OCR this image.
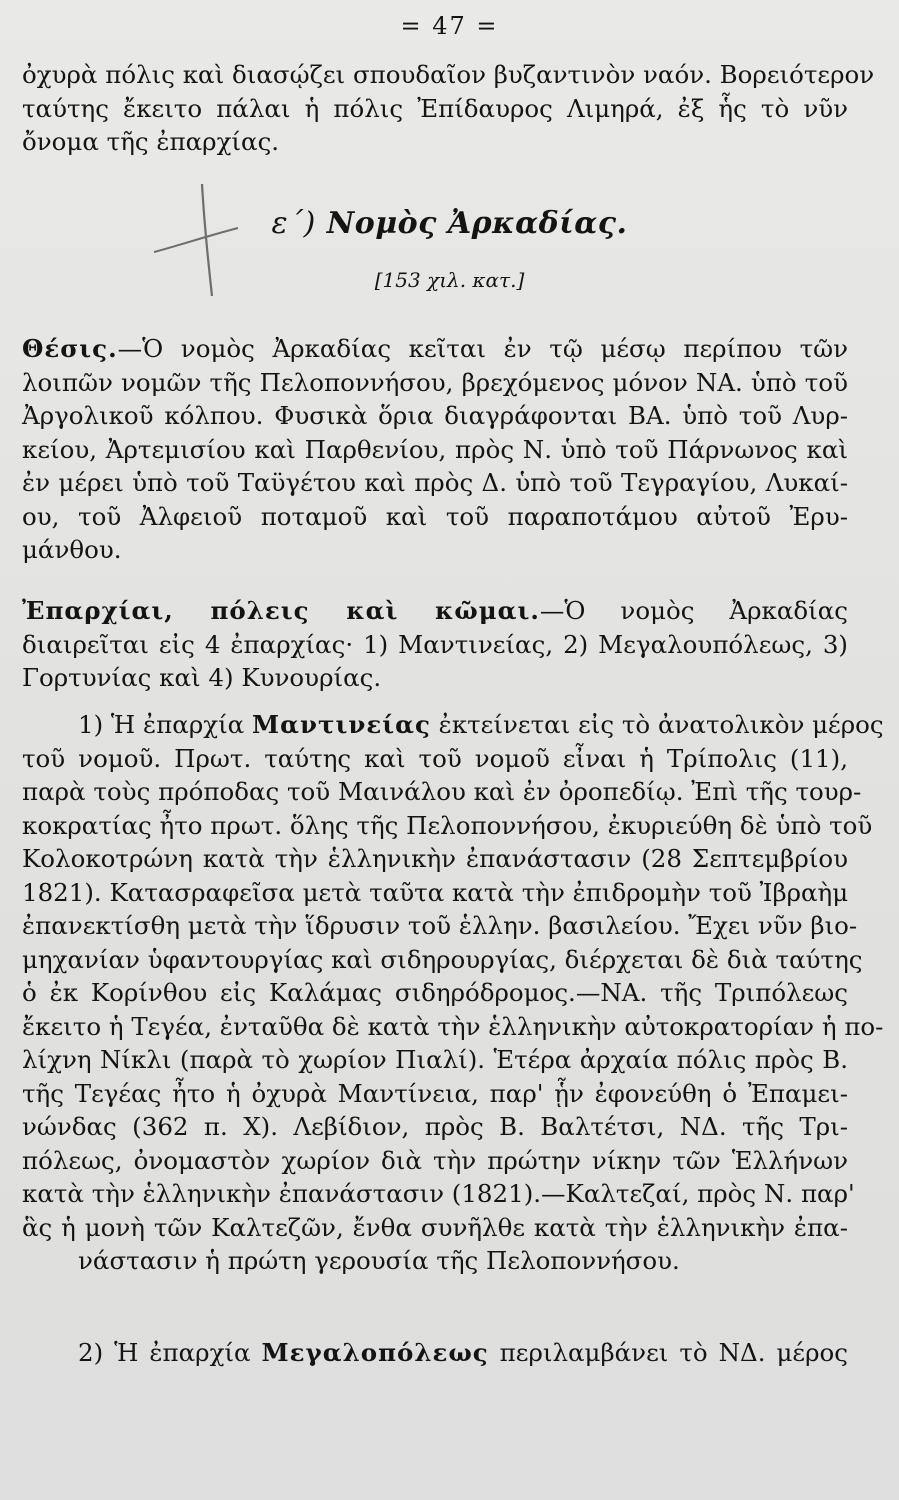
= 47 =
ὀχυρὰ πόλις καὶ διασῴζει σπουδαῖον βυζαντινὸν ναόν. Βορειότερον
ταύτης ἔκειτο πάλαι ἡ πόλις Ἐπίδαυρος Λιμηρά, ἐξ ἧς τὸ νῦν
ὄνομα τῆς ἐπαρχίας.
ε΄) Νομὸς Ἀρκαδίας.
[153 χιλ. κατ.]
Θέσις.—Ὁ νομὸς Ἀρκαδίας κεῖται ἐν τῷ μέσῳ περίπου τῶν
λοιπῶν νομῶν τῆς Πελοποννήσου, βρεχόμενος μόνον ΝΑ. ὑπὸ τοῦ
Ἀργολικοῦ κόλπου. Φυσικὰ ὅρια διαγράφονται ΒΑ. ὑπὸ τοῦ Λυρ-
κείου, Ἀρτεμισίου καὶ Παρθενίου, πρὸς Ν. ὑπὸ τοῦ Πάρνωνος καὶ
ἐν μέρει ὑπὸ τοῦ Ταϋγέτου καὶ πρὸς Δ. ὑπὸ τοῦ Τεγραγίου, Λυκαί-
ου, τοῦ Ἀλφειοῦ ποταμοῦ καὶ τοῦ παραποτάμου αὐτοῦ Ἐρυ-
μάνθου.
Ἐπαρχίαι, πόλεις καὶ κῶμαι.—Ὁ νομὸς Ἀρκαδίας
διαιρεῖται εἰς 4 ἐπαρχίας· 1) Μαντινείας, 2) Μεγαλουπόλεως, 3)
Γορτυνίας καὶ 4) Κυνουρίας.
1) Ἡ ἐπαρχία Μαντινείας ἐκτείνεται εἰς τὸ ἀνατολικὸν μέρος
τοῦ νομοῦ. Πρωτ. ταύτης καὶ τοῦ νομοῦ εἶναι ἡ Τρίπολις (11),
παρὰ τοὺς πρόποδας τοῦ Μαινάλου καὶ ἐν ὀροπεδίῳ. Ἐπὶ τῆς τουρ-
κοκρατίας ἦτο πρωτ. ὅλης τῆς Πελοποννήσου, ἐκυριεύθη δὲ ὑπὸ τοῦ
Κολοκοτρώνη κατὰ τὴν ἑλληνικὴν ἐπανάστασιν (28 Σεπτεμβρίου
1821). Κατασραφεῖσα μετὰ ταῦτα κατὰ τὴν ἐπιδρομὴν τοῦ Ἰβραὴμ
ἐπανεκτίσθη μετὰ τὴν ἵδρυσιν τοῦ ἑλλην. βασιλείου. Ἔχει νῦν βιο-
μηχανίαν ὑφαντουργίας καὶ σιδηρουργίας, διέρχεται δὲ διὰ ταύτης
ὁ ἐκ Κορίνθου εἰς Καλάμας σιδηρόδρομος.—ΝΑ. τῆς Τριπόλεως
ἔκειτο ἡ Τεγέα, ἐνταῦθα δὲ κατὰ τὴν ἑλληνικὴν αὐτοκρατορίαν ἡ πο-
λίχνη Νίκλι (παρὰ τὸ χωρίον Πιαλί). Ἑτέρα ἀρχαία πόλις πρὸς Β.
τῆς Τεγέας ἦτο ἡ ὀχυρὰ Μαντίνεια, παρ' ᾗν ἐφονεύθη ὁ Ἐπαμει-
νώνδας (362 π. Χ). Λεβίδιον, πρὸς Β. Βαλτέτσι, ΝΔ. τῆς Τρι-
πόλεως, ὀνομαστὸν χωρίον διὰ τὴν πρώτην νίκην τῶν Ἑλλήνων
κατὰ τὴν ἑλληνικὴν ἐπανάστασιν (1821).—Καλτεζαί, πρὸς Ν. παρ'
ἃς ἡ μονὴ τῶν Καλτεζῶν, ἔνθα συνῆλθε κατὰ τὴν ἑλληνικὴν ἐπα-
νάστασιν ἡ πρώτη γερουσία τῆς Πελοποννήσου.
2) Ἡ ἐπαρχία Μεγαλοπόλεως περιλαμβάνει τὸ ΝΔ. μέρος
